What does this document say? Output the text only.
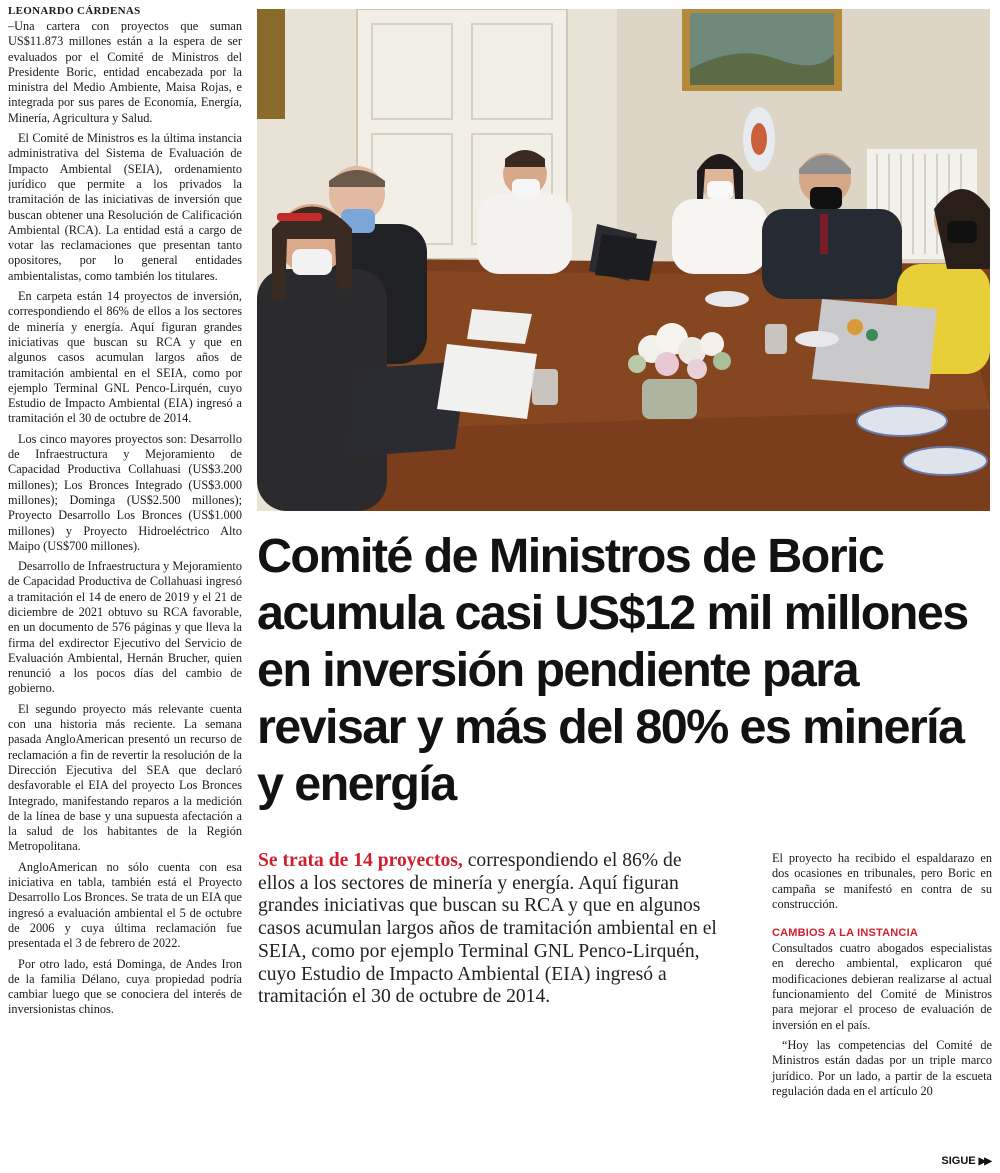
LEONARDO CÁRDENAS

–Una cartera con proyectos que suman US$11.873 millones están a la espera de ser evaluados por el Comité de Ministros del Presidente Boric, entidad encabezada por la ministra del Medio Ambiente, Maisa Rojas, e integrada por sus pares de Economía, Energía, Minería, Agricultura y Salud.

El Comité de Ministros es la última instancia administrativa del Sistema de Evaluación de Impacto Ambiental (SEIA), ordenamiento jurídico que permite a los privados la tramitación de las iniciativas de inversión que buscan obtener una Resolución de Calificación Ambiental (RCA). La entidad está a cargo de votar las reclamaciones que presentan tanto opositores, por lo general entidades ambientalistas, como también los titulares.

En carpeta están 14 proyectos de inversión, correspondiendo el 86% de ellos a los sectores de minería y energía. Aquí figuran grandes iniciativas que buscan su RCA y que en algunos casos acumulan largos años de tramitación ambiental en el SEIA, como por ejemplo Terminal GNL Penco-Lirquén, cuyo Estudio de Impacto Ambiental (EIA) ingresó a tramitación el 30 de octubre de 2014.

Los cinco mayores proyectos son: Desarrollo de Infraestructura y Mejoramiento de Capacidad Productiva Collahuasi (US$3.200 millones); Los Bronces Integrado (US$3.000 millones); Dominga (US$2.500 millones); Proyecto Desarrollo Los Bronces (US$1.000 millones) y Proyecto Hidroeléctrico Alto Maipo (US$700 millones).

Desarrollo de Infraestructura y Mejoramiento de Capacidad Productiva de Collahuasi ingresó a tramitación el 14 de enero de 2019 y el 21 de diciembre de 2021 obtuvo su RCA favorable, en un documento de 576 páginas y que lleva la firma del exdirector Ejecutivo del Servicio de Evaluación Ambiental, Hernán Brucher, quien renunció a los pocos días del cambio de gobierno.

El segundo proyecto más relevante cuenta con una historia más reciente. La semana pasada AngloAmerican presentó un recurso de reclamación a fin de revertir la resolución de la Dirección Ejecutiva del SEA que declaró desfavorable el EIA del proyecto Los Bronces Integrado, manifestando reparos a la medición de la línea de base y una supuesta afectación a la salud de los habitantes de la Región Metropolitana.

AngloAmerican no sólo cuenta con esa iniciativa en tabla, también está el Proyecto Desarrollo Los Bronces. Se trata de un EIA que ingresó a evaluación ambiental el 5 de octubre de 2006 y cuya última reclamación fue presentada el 3 de febrero de 2022.

Por otro lado, está Dominga, de Andes Iron de la familia Délano, cuya propiedad podría cambiar luego que se conociera del interés de inversionistas chinos.

Comité de Ministros de Boric acumula casi US$12 mil millones en inversión pendiente para revisar y más del 80% es minería y energía

Se trata de 14 proyectos, correspondiendo el 86% de ellos a los sectores de minería y energía. Aquí figuran grandes iniciativas que buscan su RCA y que en algunos casos acumulan largos años de tramitación ambiental en el SEIA, como por ejemplo Terminal GNL Penco-Lirquén, cuyo Estudio de Impacto Ambiental (EIA) ingresó a tramitación el 30 de octubre de 2014.

El proyecto ha recibido el espaldarazo en dos ocasiones en tribunales, pero Boric en campaña se manifestó en contra de su construcción.

CAMBIOS A LA INSTANCIA

Consultados cuatro abogados especialistas en derecho ambiental, explicaron qué modificaciones debieran realizarse al actual funcionamiento del Comité de Ministros para mejorar el proceso de evaluación de inversión en el país.

“Hoy las competencias del Comité de Ministros están dadas por un triple marco jurídico. Por un lado, a partir de la escueta regulación dada en el artículo 20

SIGUE ▶▶
